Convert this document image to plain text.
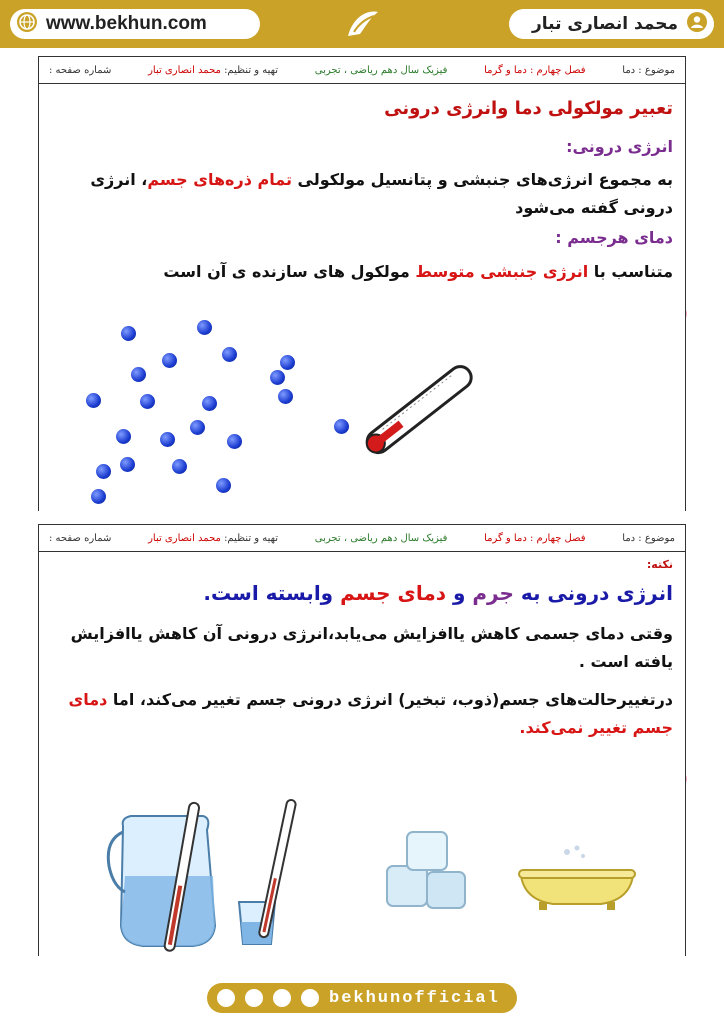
www.bekhun.com	محمد انصاری تبار
موضوع : دما
فصل چهارم : دما و گرما
فیزیک سال دهم ریاضی ، تجربی
تهیه و تنظیم: محمد انصاری تبار
شماره صفحه :
تعبیر مولکولی دما وانرژی درونی
انرژی درونی:
به مجموع انرژی‌های جنبشی و پتانسیل مولکولی تمام ذره‌های جسم، انرژی درونی گفته می‌شود
دمای هرجسم :
متناسب با انرژی جنبشی متوسط مولکول های سازنده ی آن است
موضوع : دما
فصل چهارم : دما و گرما
فیزیک سال دهم ریاضی ، تجربی
تهیه و تنظیم: محمد انصاری تبار
شماره صفحه :
نکته:
انرژی درونی به جرم و دمای جسم وابسته است.
وقتی دمای جسمی کاهش یاافزایش می‌یابد،انرژی درونی آن کاهش یاافزایش یافته است .
درتغییرحالت‌های جسم(ذوب، تبخیر) انرژی درونی جسم تغییر می‌کند، اما دمای جسم تغییر نمی‌کند.
bekhunofficial
